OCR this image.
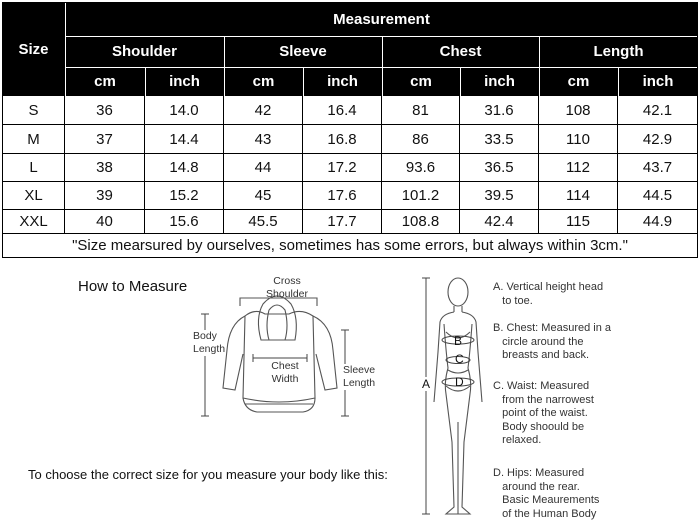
Size
Measurement
Shoulder	Sleeve	Chest	Length
cm	inch	cm	inch	cm	inch	cm	inch
S	36	14.0	42	16.4	81	31.6	108	42.1
M	37	14.4	43	16.8	86	33.5	110	42.9
L	38	14.8	44	17.2	93.6	36.5	112	43.7
XL	39	15.2	45	17.6	101.2	39.5	114	44.5
XXL	40	15.6	45.5	17.7	108.8	42.4	115	44.9
"Size mearsured by ourselves, sometimes has some errors, but always within 3cm."
How to Measure	Cross
Shoulder
Body
Length
Chest
Width
Sleeve
Length	A
B
C
D
A. Vertical height head
to toe.
B. Chest: Measured in a
circle around the
breasts and back.
C. Waist: Measured
from the narrowest
point of the waist.
Body shoould be
relaxed.
D. Hips: Measured
around the rear.
Basic Meaurements
of the Human Body
To choose the correct size for you measure your body like this:
